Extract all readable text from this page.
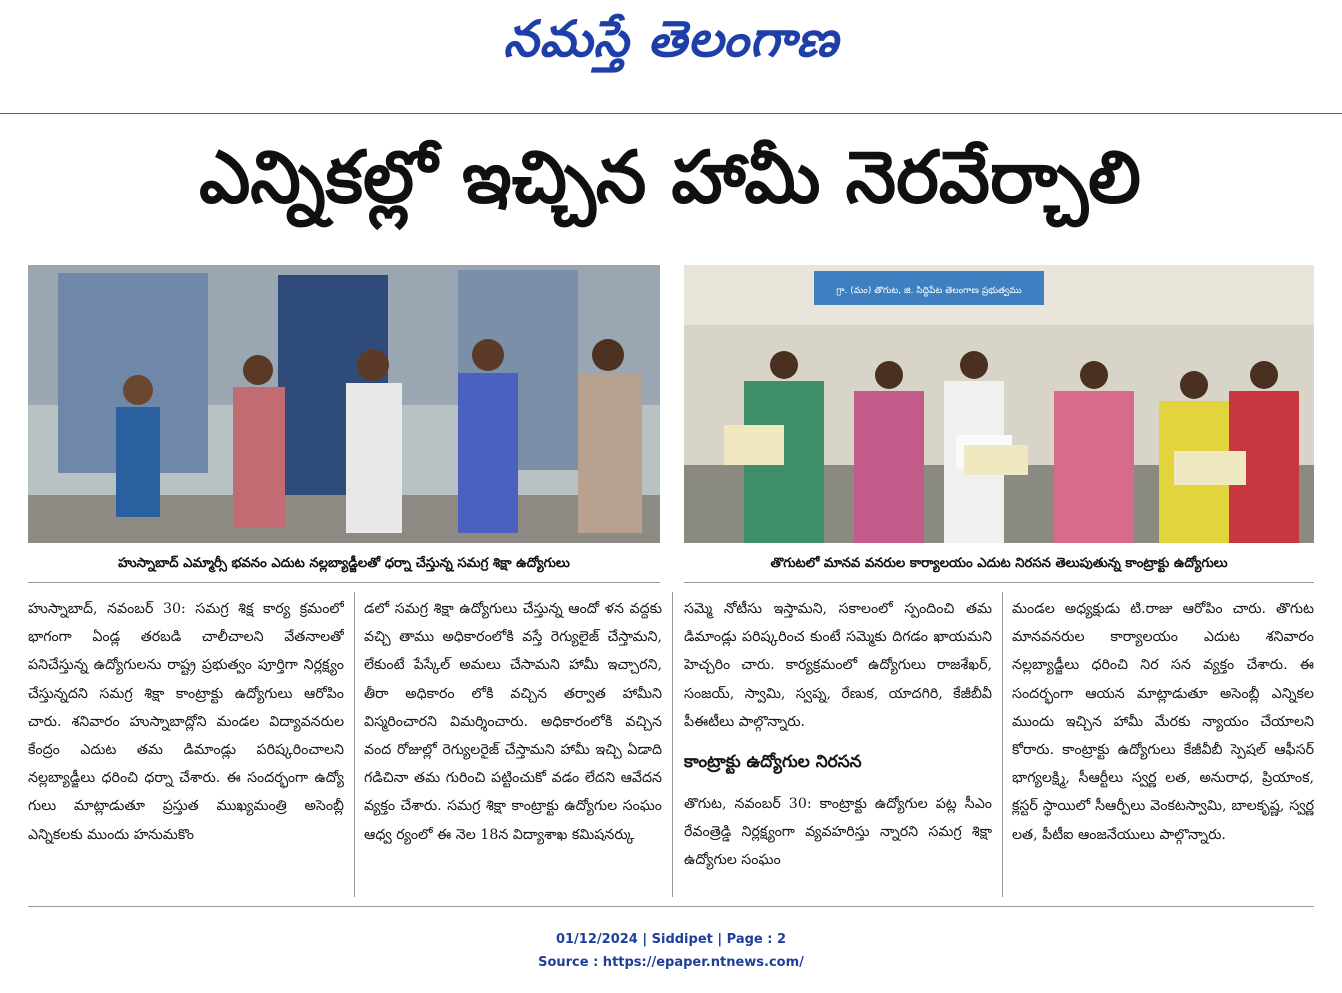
నమస్తే తెలంగాణ
ఎన్నికల్లో ఇచ్చిన హామీ నెరవేర్చాలి
హుస్నాబాద్ ఎమ్మార్సీ భవనం ఎదుట నల్లబ్యాడ్జీలతో ధర్నా చేస్తున్న సమగ్ర శిక్షా ఉద్యోగులు
గ్రా. (మం) తొగుట, జి. సిద్దిపేట తెలంగాణ ప్రభుత్వము
తొగుటలో మానవ వనరుల కార్యాలయం ఎదుట నిరసన తెలుపుతున్న కాంట్రాక్టు ఉద్యోగులు

హుస్నాబాద్, నవంబర్ 30: సమగ్ర శిక్ష కార్య క్రమంలో భాగంగా ఏండ్ల తరబడి చాలీచాలని వేతనాలతో పనిచేస్తున్న ఉద్యోగులను రాష్ట్ర ప్రభుత్వం పూర్తిగా నిర్లక్ష్యం చేస్తున్నదని సమగ్ర శిక్షా కాంట్రాక్టు ఉద్యోగులు ఆరోపిం చారు. శనివారం హుస్నాబాద్లోని మండల విద్యావనరుల కేంద్రం ఎదుట తమ డిమాండ్లు పరిష్కరించాలని నల్లబ్యాడ్జీలు ధరించి ధర్నా చేశారు. ఈ సందర్భంగా ఉద్యో గులు మాట్లాడుతూ ప్రస్తుత ముఖ్యమంత్రి అసెంబ్లీ ఎన్నికలకు ముందు హనుమకొం

డలో సమగ్ర శిక్షా ఉద్యోగులు చేస్తున్న ఆందో ళన వద్దకు వచ్చి తాము అధికారంలోకి వస్తే రెగ్యులైజ్ చేస్తామని, లేకుంటే పేస్కేల్ అమలు చేసామని హామీ ఇచ్చారని, తీరా అధికారం లోకి వచ్చిన తర్వాత హామీని విస్మరించారని విమర్శించారు. అధికారంలోకి వచ్చిన వంద రోజుల్లో రెగ్యులరైజ్ చేస్తామని హామీ ఇచ్చి ఏడాది గడిచినా తమ గురించి పట్టించుకో వడం లేదని ఆవేదన వ్యక్తం చేశారు. సమగ్ర శిక్షా కాంట్రాక్టు ఉద్యోగుల సంఘం ఆధ్వ ర్యంలో ఈ నెల 18న విద్యాశాఖ కమిషనర్కు

సమ్మె నోటీసు ఇస్తామని, సకాలంలో స్పందించి తమ డిమాండ్లు పరిష్కరించ కుంటే సమ్మెకు దిగడం ఖాయమని హెచ్చరిం చారు. కార్యక్రమంలో ఉద్యోగులు రాజశేఖర్, సంజయ్, స్వామి, స్వప్న, రేణుక, యాదగిరి, కేజీబీవీ పీఈటీలు పాల్గొన్నారు.

కాంట్రాక్టు ఉద్యోగుల నిరసన

తొగుట, నవంబర్ 30: కాంట్రాక్టు ఉద్యోగుల పట్ల సీఎం రేవంత్రెడ్డి నిర్లక్ష్యంగా వ్యవహరిస్తు న్నారని సమగ్ర శిక్షా ఉద్యోగుల సంఘం

మండల అధ్యక్షుడు టి.రాజు ఆరోపిం చారు. తొగుట మానవనరుల కార్యాలయం ఎదుట శనివారం నల్లబ్యాడ్జీలు ధరించి నిర సన వ్యక్తం చేశారు. ఈ సందర్భంగా ఆయన మాట్లాడుతూ అసెంబ్లీ ఎన్నికల ముందు ఇచ్చిన హామీ మేరకు న్యాయం చేయాలని కోరారు. కాంట్రాక్టు ఉద్యోగులు కేజీవీబీ స్పెషల్ ఆఫీసర్ భాగ్యలక్ష్మి, సీఆర్టీలు స్వర్ణ లత, అనురాధ, ప్రియాంక, క్లస్టర్ స్థాయిలో సీఆర్పీలు వెంకటస్వామి, బాలకృష్ణ, స్వర్ణ లత, పీటీఐ ఆంజనేయులు పాల్గొన్నారు.

01/12/2024 | Siddipet | Page : 2
Source : https://epaper.ntnews.com/
